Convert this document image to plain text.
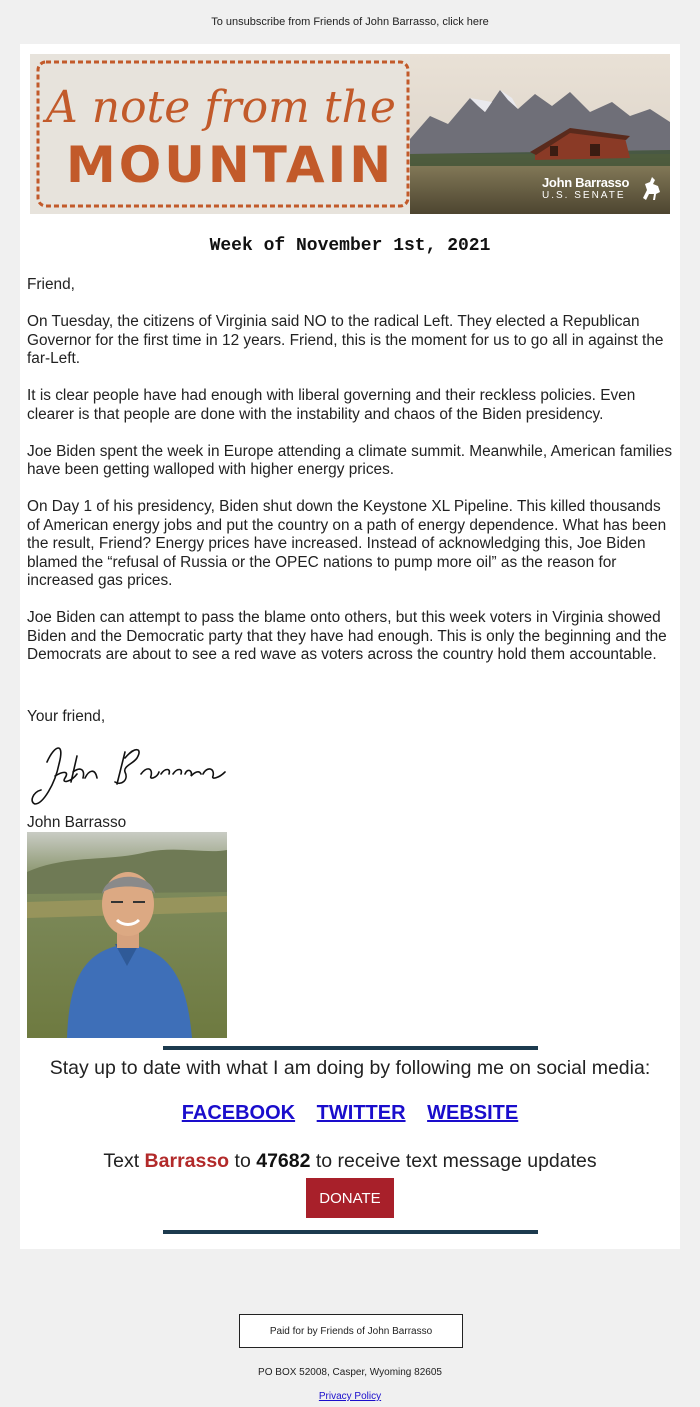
To unsubscribe from Friends of John Barrasso, click here
A note from the
MOUNTAIN	John Barrasso
U.S. SENATE
Week of November 1st, 2021

Friend,

On Tuesday, the citizens of Virginia said NO to the radical Left. They elected a Republican Governor for the first time in 12 years. Friend, this is the moment for us to go all in against the far-Left.

It is clear people have had enough with liberal governing and their reckless policies. Even clearer is that people are done with the instability and chaos of the Biden presidency.

Joe Biden spent the week in Europe attending a climate summit. Meanwhile, American families have been getting walloped with higher energy prices.

On Day 1 of his presidency, Biden shut down the Keystone XL Pipeline. This killed thousands of American energy jobs and put the country on a path of energy dependence. What has been the result, Friend? Energy prices have increased. Instead of acknowledging this, Joe Biden blamed the “refusal of Russia or the OPEC nations to pump more oil” as the reason for increased gas prices.

Joe Biden can attempt to pass the blame onto others, but this week voters in Virginia showed Biden and the Democratic party that they have had enough. This is only the beginning and the Democrats are about to see a red wave as voters across the country hold them accountable.

Your friend,
John Barrasso
Stay up to date with what I am doing by following me on social media:
FACEBOOK TWITTER WEBSITE
Text Barrasso to 47682 to receive text message updates
DONATE
Paid for by Friends of John Barrasso
PO BOX 52008, Casper, Wyoming 82605
Privacy Policy
